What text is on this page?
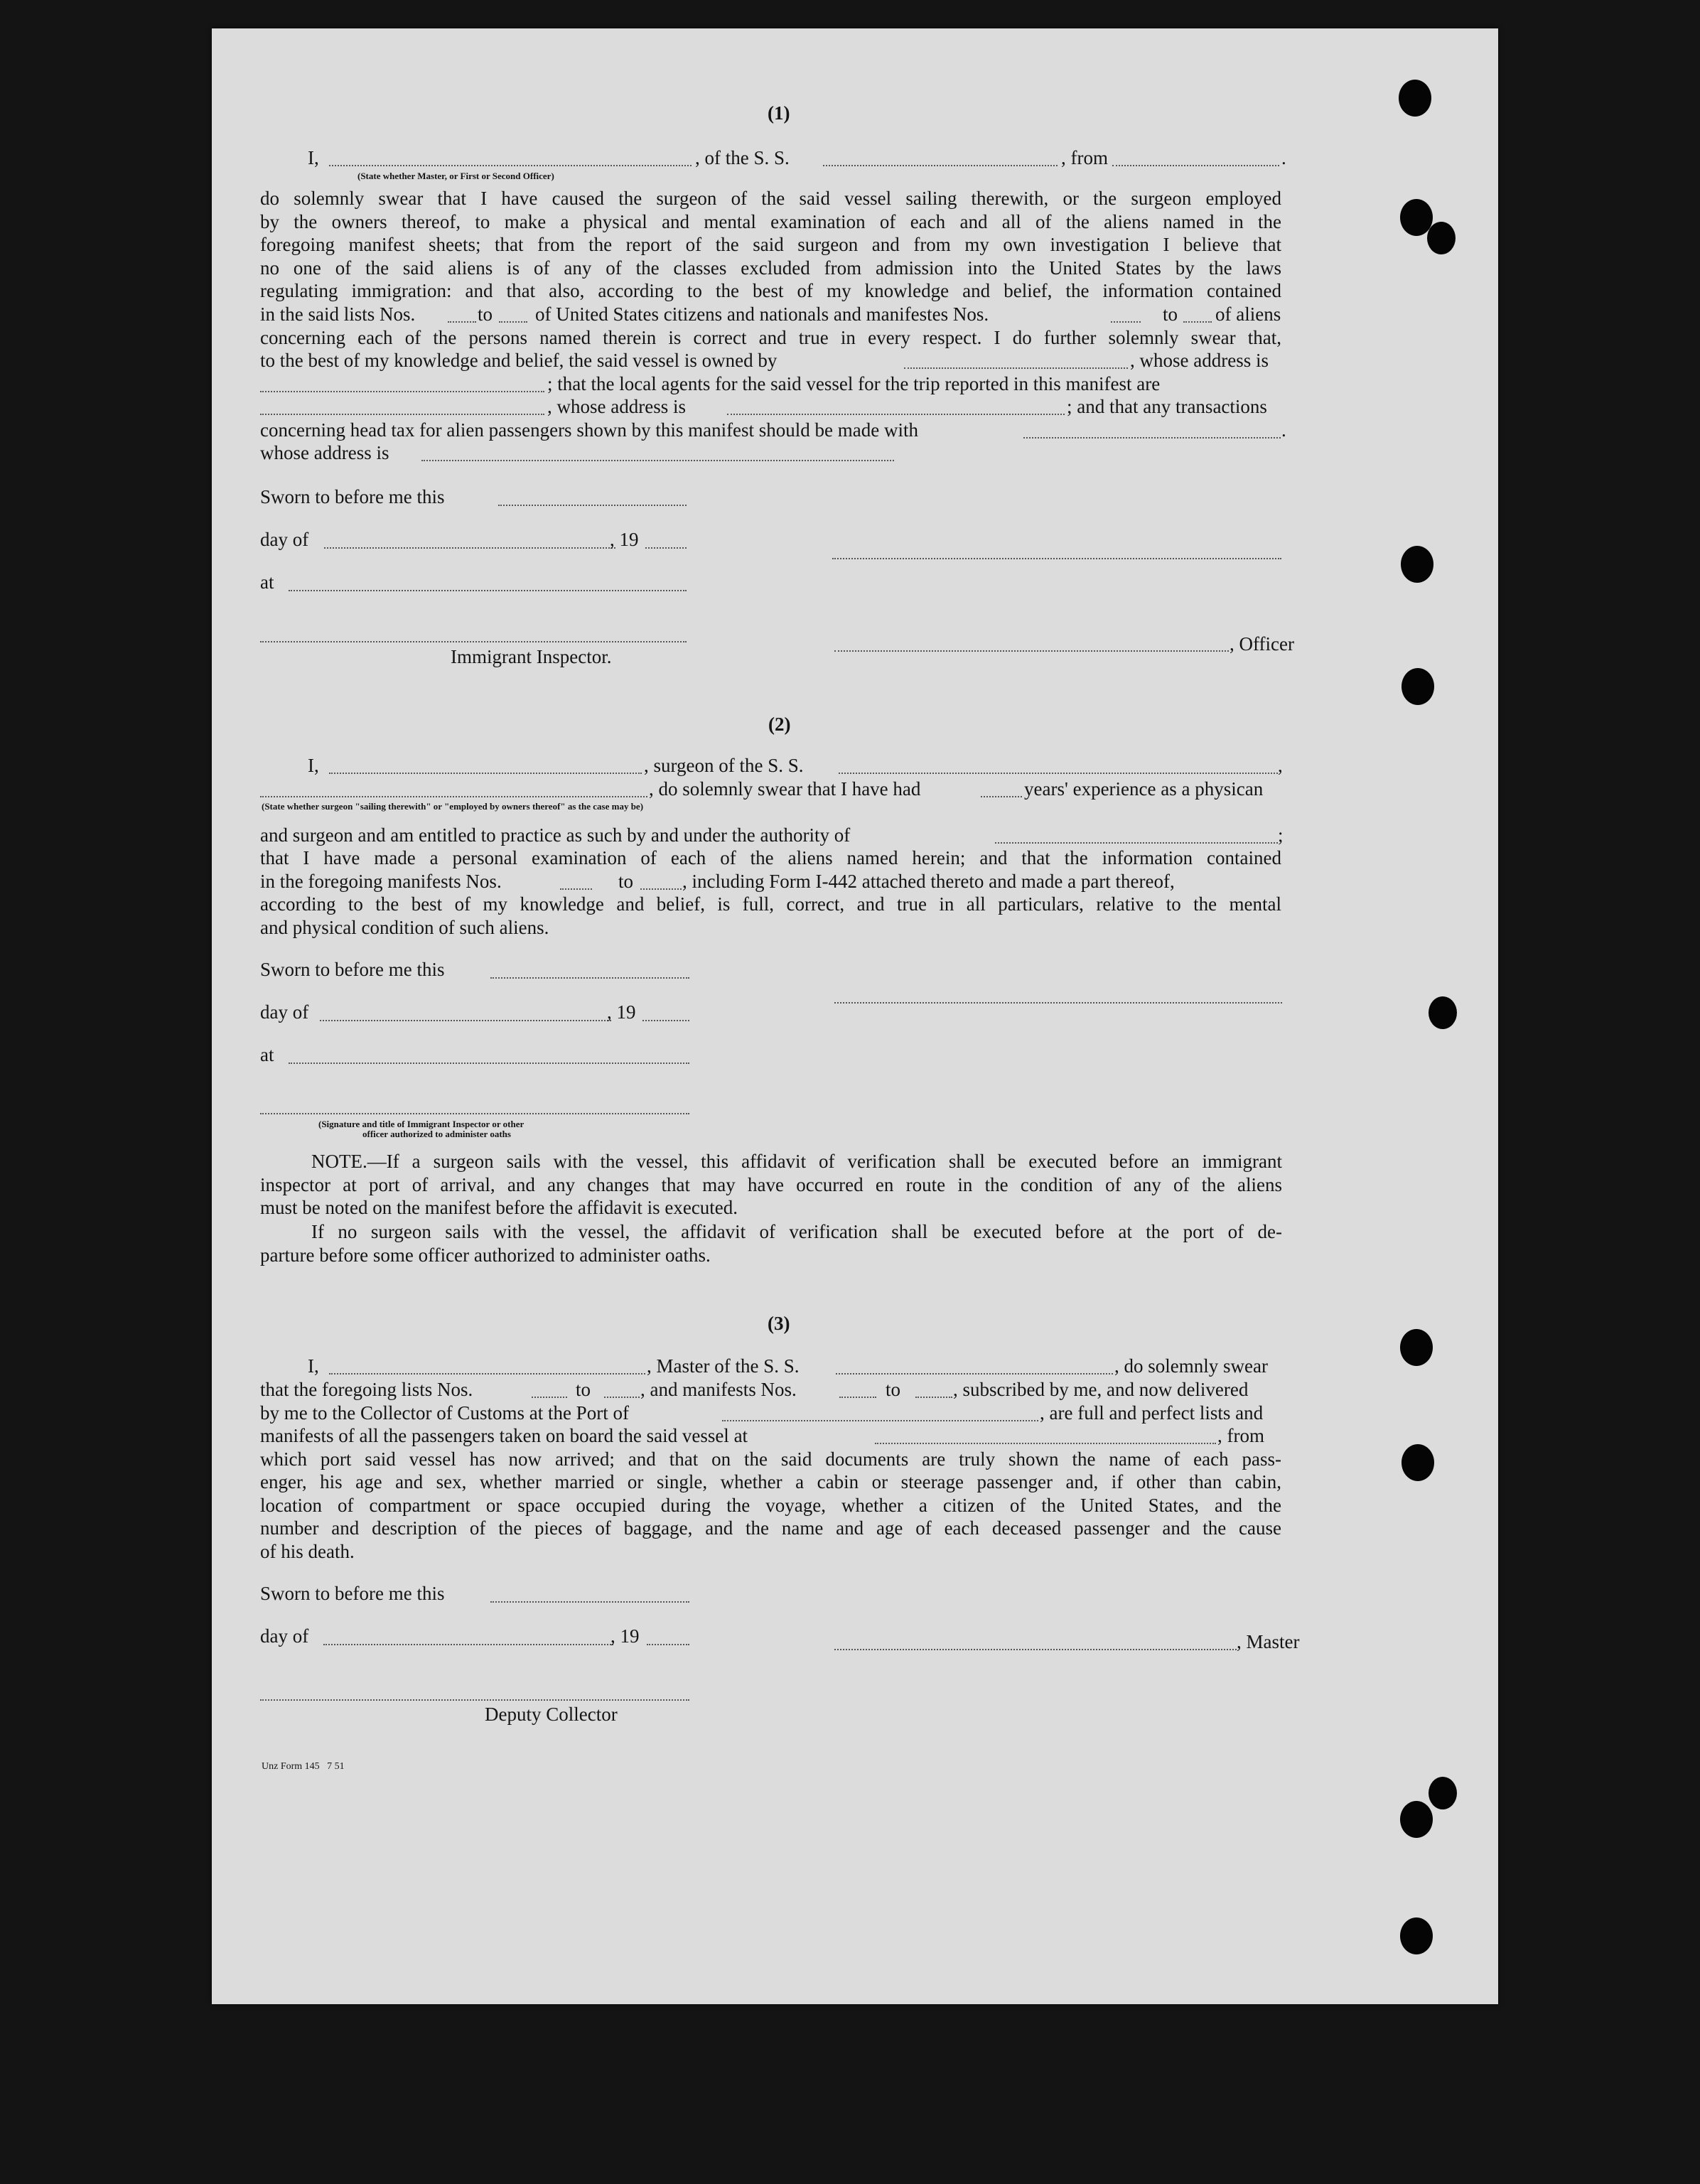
(1)
I,	, of the S. S.	, from	.
(State whether Master, or First or Second Officer)
do solemnly swear that I have caused the surgeon of the said vessel sailing therewith, or the surgeon employed
by the owners thereof, to make a physical and mental examination of each and all of the aliens named in the
foregoing manifest sheets; that from the report of the said surgeon and from my own investigation I believe that
no one of the said aliens is of any of the classes excluded from admission into the United States by the laws
regulating immigration: and that also, according to the best of my knowledge and belief, the information contained
in the said lists Nos.	to of United States citizens and nationals and manifestes Nos.	to of aliens
concerning each of the persons named therein is correct and true in every respect. I do further solemnly swear that,
to the best of my knowledge and belief, the said vessel is owned by	, whose address is
; that the local agents for the said vessel for the trip reported in this manifest are
, whose address is	; and that any transactions
concerning head tax for alien passengers shown by this manifest should be made with	.
whose address is
Sworn to before me this
day of	, 19
at
, Officer
Immigrant Inspector.
(2)
I,	, surgeon of the S. S.	,
, do solemnly swear that I have had	years' experience as a physican
(State whether surgeon "sailing therewith" or "employed by owners thereof" as the case may be)
and surgeon and am entitled to practice as such by and under the authority of	;
that I have made a personal examination of each of the aliens named herein; and that the information contained
in the foregoing manifests Nos.	to	, including Form I-442 attached thereto and made a part thereof,
according to the best of my knowledge and belief, is full, correct, and true in all particulars, relative to the mental
and physical condition of such aliens.
Sworn to before me this
day of	, 19
at
(Signature and title of Immigrant Inspector or other
officer authorized to administer oaths
NOTE.—If a surgeon sails with the vessel, this affidavit of verification shall be executed before an immigrant
inspector at port of arrival, and any changes that may have occurred en route in the condition of any of the aliens
must be noted on the manifest before the affidavit is executed.
If no surgeon sails with the vessel, the affidavit of verification shall be executed before at the port of de-
parture before some officer authorized to administer oaths.
(3)
I,	, Master of the S. S.	, do solemnly swear
that the foregoing lists Nos.	to	, and manifests Nos.	to	, subscribed by me, and now delivered
by me to the Collector of Customs at the Port of	, are full and perfect lists and
manifests of all the passengers taken on board the said vessel at	, from
which port said vessel has now arrived; and that on the said documents are truly shown the name of each pass-
enger, his age and sex, whether married or single, whether a cabin or steerage passenger and, if other than cabin,
location of compartment or space occupied during the voyage, whether a citizen of the United States, and the
number and description of the pieces of baggage, and the name and age of each deceased passenger and the cause
of his death.
Sworn to before me this
day of	, 19	, Master
Deputy Collector
Unz Form 145   7 51
